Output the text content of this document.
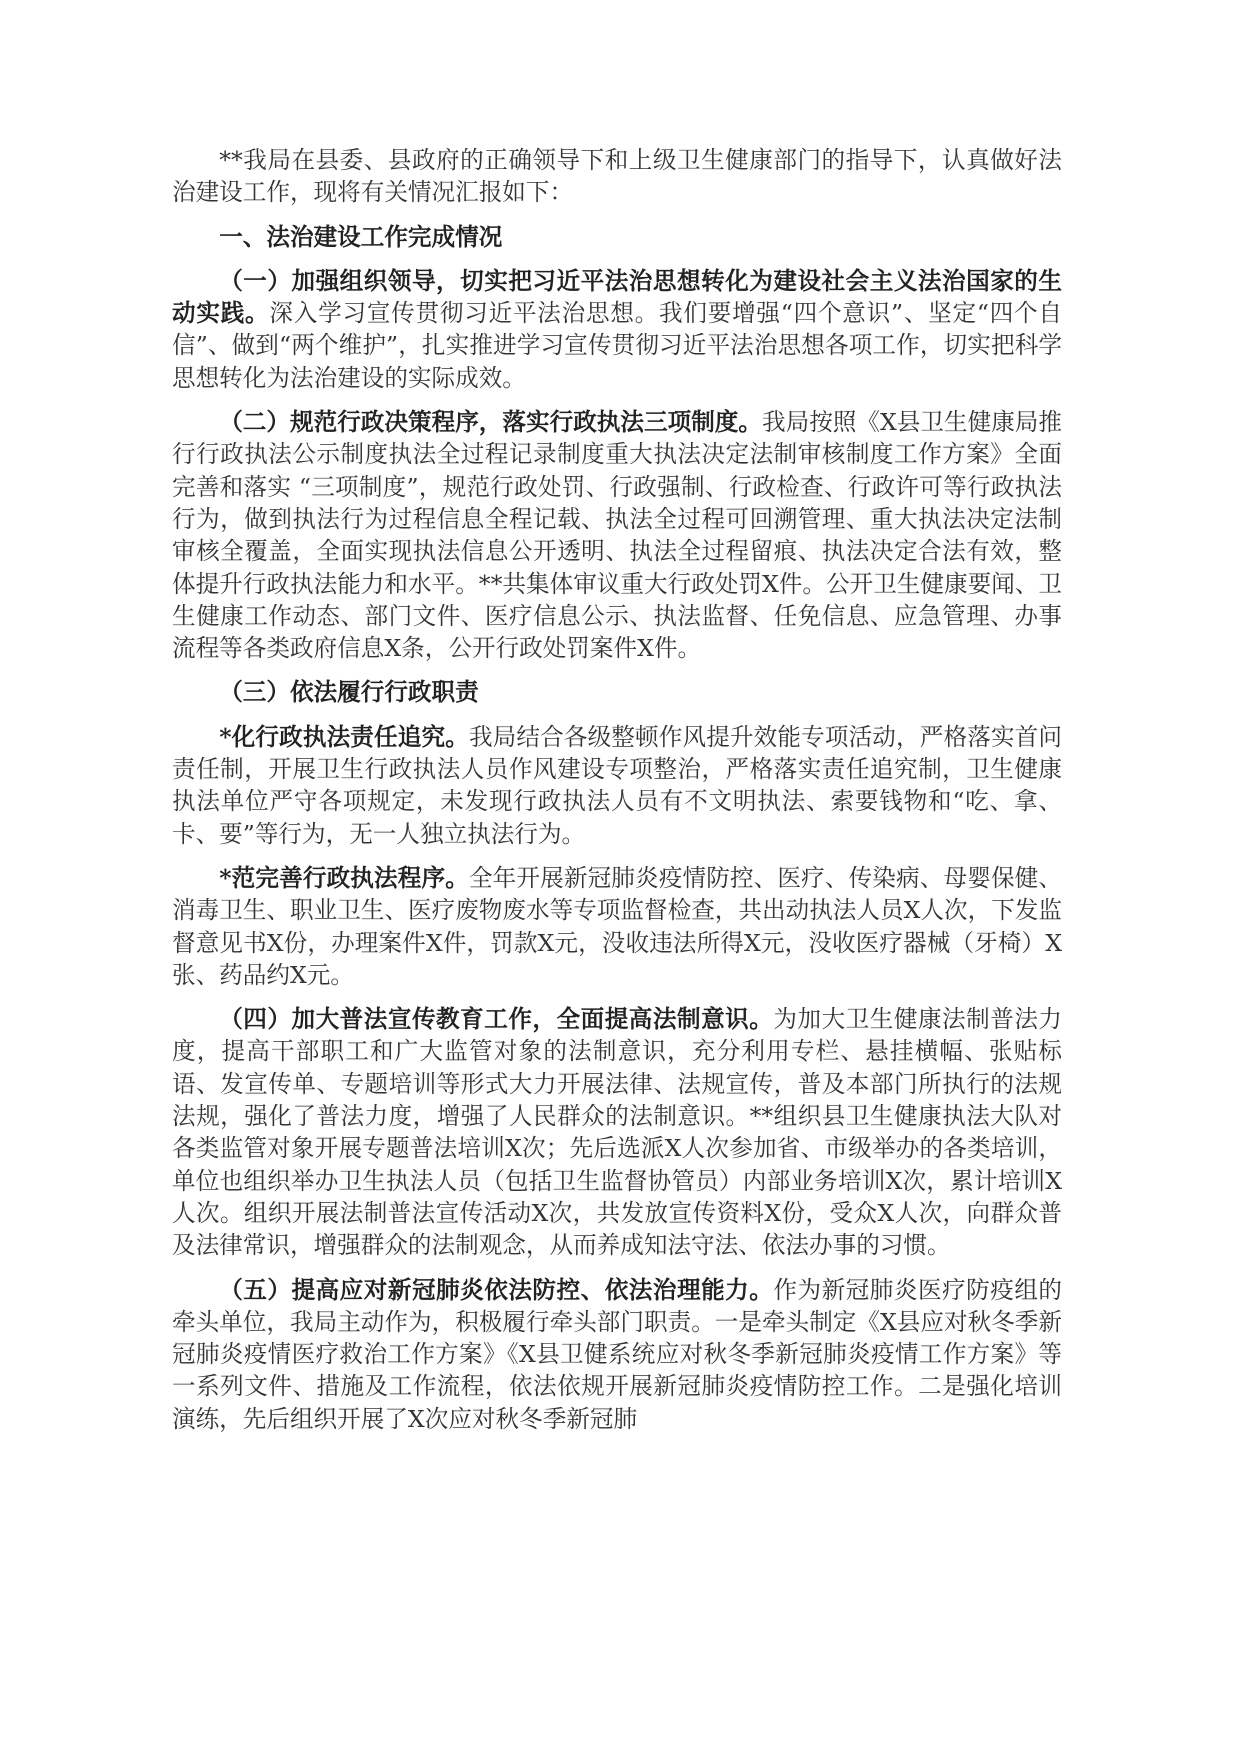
**我局在县委、县政府的正确领导下和上级卫生健康部门的指导下，认真做好法治建设工作，现将有关情况汇报如下：

一、法治建设工作完成情况

（一）加强组织领导，切实把习近平法治思想转化为建设社会主义法治国家的生动实践。深入学习宣传贯彻习近平法治思想。我们要增强“四个意识”、坚定“四个自信”、做到“两个维护”，扎实推进学习宣传贯彻习近平法治思想各项工作，切实把科学思想转化为法治建设的实际成效。

（二）规范行政决策程序，落实行政执法三项制度。我局按照《X县卫生健康局推行行政执法公示制度执法全过程记录制度重大执法决定法制审核制度工作方案》全面完善和落实 “三项制度”，规范行政处罚、行政强制、行政检查、行政许可等行政执法行为，做到执法行为过程信息全程记载、执法全过程可回溯管理、重大执法决定法制审核全覆盖，全面实现执法信息公开透明、执法全过程留痕、执法决定合法有效，整体提升行政执法能力和水平。**共集体审议重大行政处罚X件。公开卫生健康要闻、卫生健康工作动态、部门文件、医疗信息公示、执法监督、任免信息、应急管理、办事流程等各类政府信息X条，公开行政处罚案件X件。

（三）依法履行行政职责

*化行政执法责任追究。我局结合各级整顿作风提升效能专项活动，严格落实首问责任制，开展卫生行政执法人员作风建设专项整治，严格落实责任追究制，卫生健康执法单位严守各项规定，未发现行政执法人员有不文明执法、索要钱物和“吃、拿、卡、要”等行为，无一人独立执法行为。

*范完善行政执法程序。全年开展新冠肺炎疫情防控、医疗、传染病、母婴保健、消毒卫生、职业卫生、医疗废物废水等专项监督检查，共出动执法人员X人次，下发监督意见书X份，办理案件X件，罚款X元，没收违法所得X元，没收医疗器械（牙椅）X张、药品约X元。

（四）加大普法宣传教育工作，全面提高法制意识。为加大卫生健康法制普法力度，提高干部职工和广大监管对象的法制意识，充分利用专栏、悬挂横幅、张贴标语、发宣传单、专题培训等形式大力开展法律、法规宣传，普及本部门所执行的法规法规，强化了普法力度，增强了人民群众的法制意识。**组织县卫生健康执法大队对各类监管对象开展专题普法培训X次；先后选派X人次参加省、市级举办的各类培训，单位也组织举办卫生执法人员（包括卫生监督协管员）内部业务培训X次，累计培训X人次。组织开展法制普法宣传活动X次，共发放宣传资料X份，受众X人次，向群众普及法律常识，增强群众的法制观念，从而养成知法守法、依法办事的习惯。

（五）提高应对新冠肺炎依法防控、依法治理能力。作为新冠肺炎医疗防疫组的牵头单位，我局主动作为，积极履行牵头部门职责。一是牵头制定《X县应对秋冬季新冠肺炎疫情医疗救治工作方案》《X县卫健系统应对秋冬季新冠肺炎疫情工作方案》等一系列文件、措施及工作流程，依法依规开展新冠肺炎疫情防控工作。二是强化培训演练，先后组织开展了X次应对秋冬季新冠肺
